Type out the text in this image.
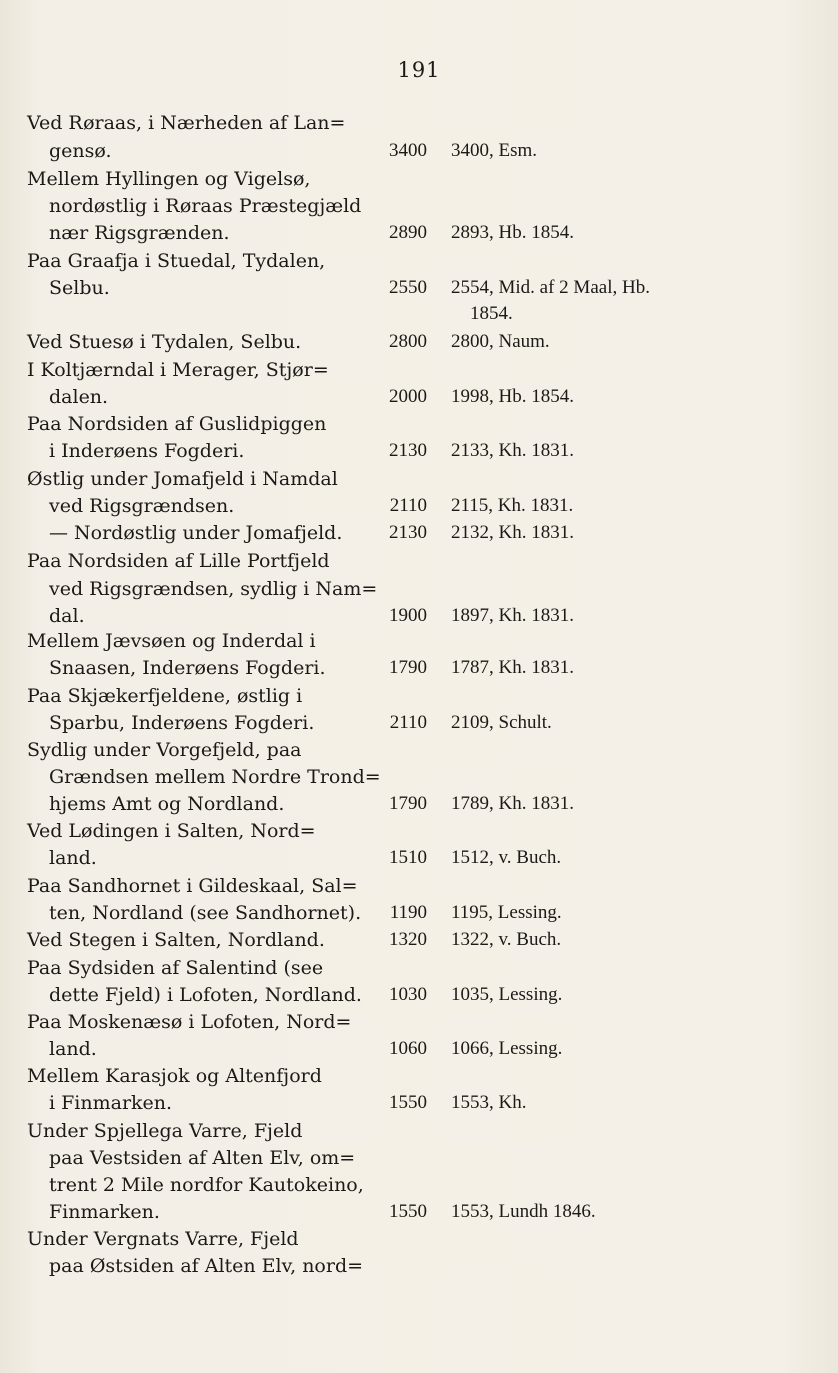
191
Ved Røraas, i Nærheden af Lan=
gensø.	3400 3400, Esm.
Mellem Hyllingen og Vigelsø,
nordøstlig i Røraas Præstegjæld
nær Rigsgrænden.	2890 2893, Hb. 1854.
Paa Graafja i Stuedal, Tydalen,
Selbu.	2550 2554, Mid. af 2 Maal, Hb.
1854.
Ved Stuesø i Tydalen, Selbu.	2800 2800, Naum.
I Koltjærndal i Merager, Stjør=
dalen.	2000 1998, Hb. 1854.
Paa Nordsiden af Guslidpiggen
i Inderøens Fogderi.	2130 2133, Kh. 1831.
Østlig under Jomafjeld i Namdal
ved Rigsgrændsen.	2110 2115, Kh. 1831.
— Nordøstlig under Jomafjeld.	2130 2132, Kh. 1831.
Paa Nordsiden af Lille Portfjeld
ved Rigsgrændsen, sydlig i Nam=
dal.	1900 1897, Kh. 1831.
Mellem Jævsøen og Inderdal i
Snaasen, Inderøens Fogderi.	1790 1787, Kh. 1831.
Paa Skjækerfjeldene, østlig i
Sparbu, Inderøens Fogderi.	2110 2109, Schult.
Sydlig under Vorgefjeld, paa
Grændsen mellem Nordre Trond=
hjems Amt og Nordland.	1790 1789, Kh. 1831.
Ved Lødingen i Salten, Nord=
land.	1510 1512, v. Buch.
Paa Sandhornet i Gildeskaal, Sal=
ten, Nordland (see Sandhornet).	1190 1195, Lessing.
Ved Stegen i Salten, Nordland.	1320 1322, v. Buch.
Paa Sydsiden af Salentind (see
dette Fjeld) i Lofoten, Nordland.	1030 1035, Lessing.
Paa Moskenæsø i Lofoten, Nord=
land.	1060 1066, Lessing.
Mellem Karasjok og Altenfjord
i Finmarken.	1550 1553, Kh.
Under Spjellega Varre, Fjeld
paa Vestsiden af Alten Elv, om=
trent 2 Mile nordfor Kautokeino,
Finmarken.	1550 1553, Lundh 1846.
Under Vergnats Varre, Fjeld
paa Østsiden af Alten Elv, nord=
